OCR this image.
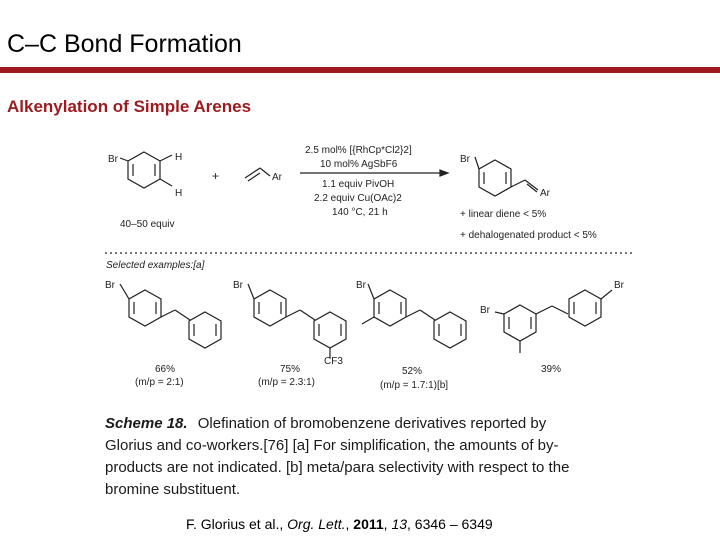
C–C Bond Formation
Alkenylation of Simple Arenes
Br	H
H
40–50 equiv
+	Ar
2.5 mol% [{RhCp*Cl2}2]
10 mol% AgSbF6
1.1 equiv PivOH
2.2 equiv Cu(OAc)2
140 °C, 21 h
Br
Ar
+ linear diene < 5%
+ dehalogenated product < 5%
Selected examples:[a]
Br
66%
(m/p = 2:1)
Br
CF3
75%
(m/p = 2.3:1)
Br
52%
(m/p = 1.7:1)[b]
Br
Br
39%
Scheme 18. Olefination of bromobenzene derivatives reported by
Glorius and co-workers.[76] [a] For simplification, the amounts of by-
products are not indicated. [b] meta/para selectivity with respect to the
bromine substituent.
F. Glorius et al., Org. Lett., 2011, 13, 6346 – 6349
